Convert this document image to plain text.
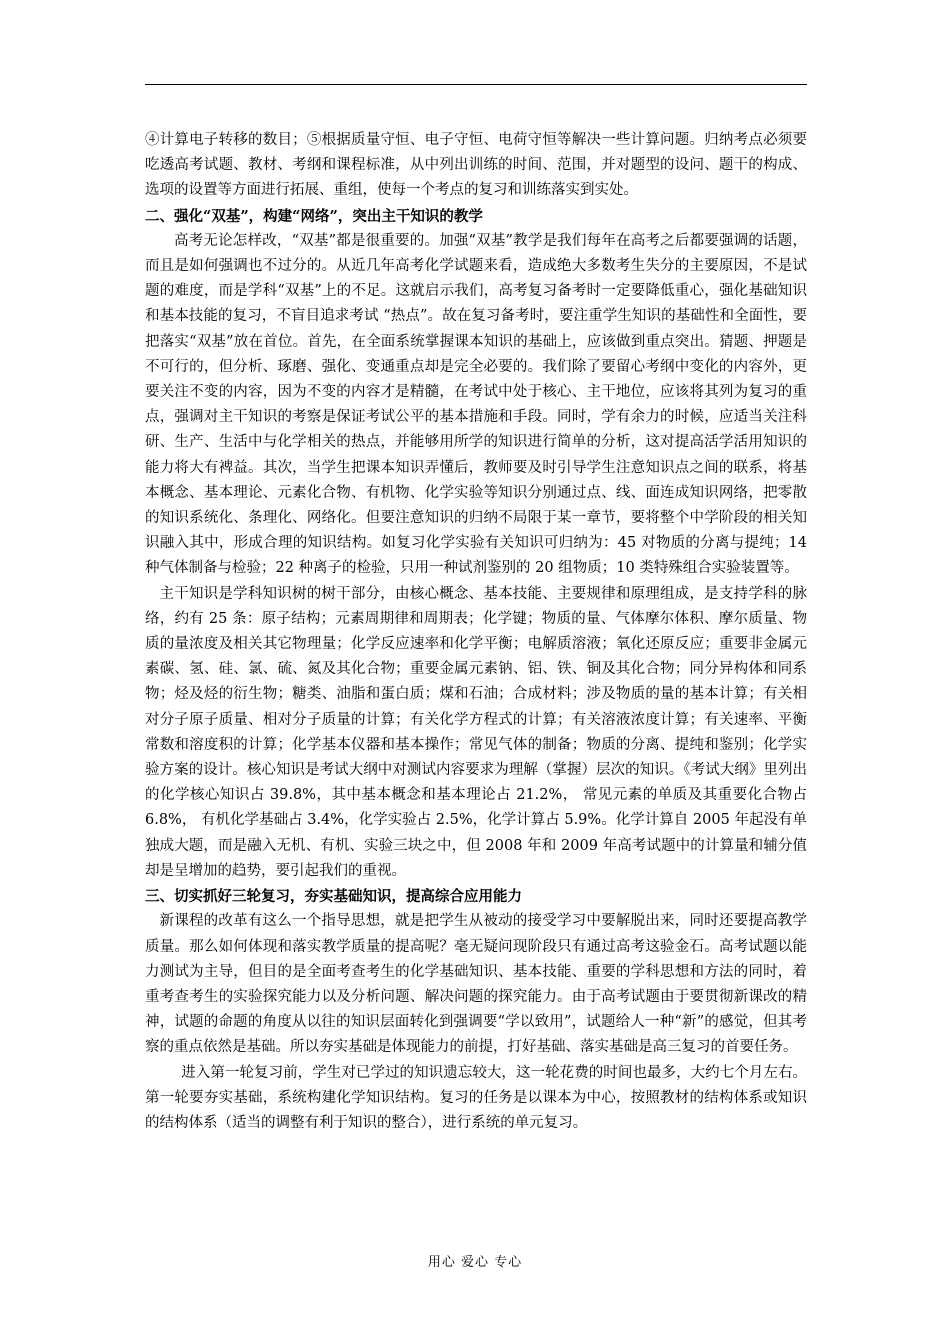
④计算电子转移的数目；⑤根据质量守恒、电子守恒、电荷守恒等解决一些计算问题。归纳考点必须要吃透高考试题、教材、考纲和课程标准，从中列出训练的时间、范围，并对题型的设问、题干的构成、选项的设置等方面进行拓展、重组，使每一个考点的复习和训练落实到实处。

二、强化“双基”，构建“网络”，突出主干知识的教学

高考无论怎样改，“双基”都是很重要的。加强“双基”教学是我们每年在高考之后都要强调的话题，而且是如何强调也不过分的。从近几年高考化学试题来看，造成绝大多数考生失分的主要原因，不是试题的难度，而是学科“双基”上的不足。这就启示我们，高考复习备考时一定要降低重心，强化基础知识和基本技能的复习，不盲目追求考试 “热点”。故在复习备考时，要注重学生知识的基础性和全面性，要把落实“双基”放在首位。首先，在全面系统掌握课本知识的基础上，应该做到重点突出。猜题、押题是不可行的，但分析、琢磨、强化、变通重点却是完全必要的。我们除了要留心考纲中变化的内容外，更要关注不变的内容，因为不变的内容才是精髓，在考试中处于核心、主干地位，应该将其列为复习的重点，强调对主干知识的考察是保证考试公平的基本措施和手段。同时，学有余力的时候，应适当关注科研、生产、生活中与化学相关的热点，并能够用所学的知识进行简单的分析，这对提高活学活用知识的能力将大有裨益。其次，当学生把课本知识弄懂后，教师要及时引导学生注意知识点之间的联系，将基本概念、基本理论、元素化合物、有机物、化学实验等知识分别通过点、线、面连成知识网络，把零散的知识系统化、条理化、网络化。但要注意知识的归纳不局限于某一章节，要将整个中学阶段的相关知识融入其中，形成合理的知识结构。如复习化学实验有关知识可归纳为：45 对物质的分离与提纯；14 种气体制备与检验；22 种离子的检验，只用一种试剂鉴别的 20 组物质；10 类特殊组合实验装置等。

主干知识是学科知识树的树干部分，由核心概念、基本技能、主要规律和原理组成，是支持学科的脉络，约有 25 条：原子结构；元素周期律和周期表；化学键；物质的量、气体摩尔体积、摩尔质量、物质的量浓度及相关其它物理量；化学反应速率和化学平衡；电解质溶液；氧化还原反应；重要非金属元素碳、氢、硅、氯、硫、氮及其化合物；重要金属元素钠、铝、铁、铜及其化合物；同分异构体和同系物；烃及烃的衍生物；糖类、油脂和蛋白质；煤和石油；合成材料；涉及物质的量的基本计算；有关相对分子原子质量、相对分子质量的计算；有关化学方程式的计算；有关溶液浓度计算；有关速率、平衡常数和溶度积的计算；化学基本仪器和基本操作；常见气体的制备；物质的分离、提纯和鉴别；化学实验方案的设计。核心知识是考试大纲中对测试内容要求为理解（掌握）层次的知识。《考试大纲》里列出的化学核心知识占 39.8%，其中基本概念和基本理论占 21.2%， 常见元素的单质及其重要化合物占 6.8%， 有机化学基础占 3.4%，化学实验占 2.5%，化学计算占 5.9%。化学计算自 2005 年起没有单独成大题，而是融入无机、有机、实验三块之中，但 2008 年和 2009 年高考试题中的计算量和辅分值却是呈增加的趋势，要引起我们的重视。

三、切实抓好三轮复习，夯实基础知识，提高综合应用能力

新课程的改革有这么一个指导思想，就是把学生从被动的接受学习中要解脱出来，同时还要提高教学质量。那么如何体现和落实教学质量的提高呢？毫无疑问现阶段只有通过高考这验金石。高考试题以能力测试为主导，但目的是全面考查考生的化学基础知识、基本技能、重要的学科思想和方法的同时，着重考查考生的实验探究能力以及分析问题、解决问题的探究能力。由于高考试题由于要贯彻新课改的精神，试题的命题的角度从以往的知识层面转化到强调要“学以致用”，试题给人一种“新”的感觉，但其考察的重点依然是基础。所以夯实基础是体现能力的前提，打好基础、落实基础是高三复习的首要任务。

进入第一轮复习前，学生对已学过的知识遗忘较大，这一轮花费的时间也最多，大约七个月左右。 第一轮要夯实基础，系统构建化学知识结构。复习的任务是以课本为中心，按照教材的结构体系或知识的结构体系（适当的调整有利于知识的整合），进行系统的单元复习。

用心 爱心 专心
